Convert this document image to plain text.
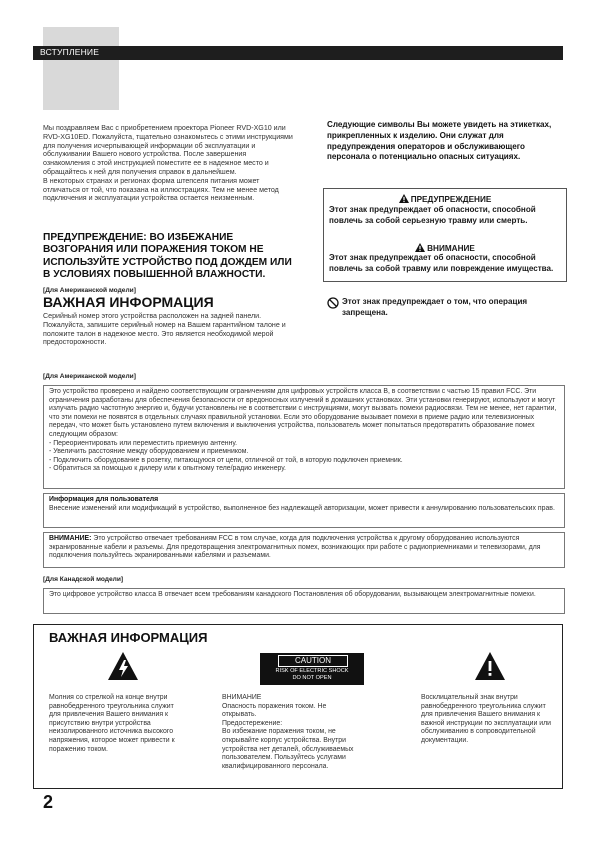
ВСТУПЛЕНИЕ

Мы поздравляем Вас с приобретением проектора Pioneer RVD-XG10 или RVD-XG10ED. Пожалуйста, тщательно ознакомьтесь с этими инструкциями для получения исчерпывающей информации об эксплуатации и обслуживании Вашего нового устройства. После завершения ознакомления с этой инструкцией поместите ее в надежное место и обращайтесь к ней для получения справок в дальнейшем.

В некоторых странах и регионах форма штепселя питания может отличаться от той, что показана на иллюстрациях. Тем не менее метод подключения и эксплуатации устройства остается неизменным.

ПРЕДУПРЕЖДЕНИЕ: ВО ИЗБЕЖАНИЕ ВОЗГОРАНИЯ ИЛИ ПОРАЖЕНИЯ ТОКОМ НЕ ИСПОЛЬЗУЙТЕ УСТРОЙСТВО ПОД ДОЖДЕМ ИЛИ В УСЛОВИЯХ ПОВЫШЕННОЙ ВЛАЖНОСТИ.
[Для Американской модели]
ВАЖНАЯ ИНФОРМАЦИЯ
Серийный номер этого устройства расположен на задней панели. Пожалуйста, запишите серийный номер на Вашем гарантийном талоне и положите талон в надежное место. Это является необходимой мерой предосторожности.
Следующие символы Вы можете увидеть на этикетках, прикрепленных к изделию. Они служат для предупреждения операторов и обслуживающего персонала о потенциально опасных ситуациях.
ПРЕДУПРЕЖДЕНИЕ
Этот знак предупреждает об опасности, способной повлечь за собой серьезную травму или смерть.
ВНИМАНИЕ
Этот знак предупреждает об опасности, способной повлечь за собой травму или повреждение имущества.
Этот знак предупреждает о том, что операция запрещена.
[Для Американской модели]
Это устройство проверено и найдено соответствующим ограничениям для цифровых устройств класса B, в соответствии с частью 15 правил FCC. Эти ограничения разработаны для обеспечения безопасности от вредоносных излучений в домашних установках. Эти установки генерируют, используют и могут излучать радио частотную энергию и, будучи установлены не в соответствии с инструкциями, могут вызвать помехи радиосвязи. Тем не менее, нет гарантии, что эти помехи не появятся в отдельных случаях правильной установки. Если это оборудование вызывает помехи в приеме радио или телевизионных передач, что может быть установлено путем включения и выключения устройства, пользователь может попытаться предотвратить образование помех следующим образом:
- Переориентировать или переместить приемную антенну.
- Увеличить расстояние между оборудованием и приемником.
- Подключить оборудование в розетку, питающуюся от цепи, отличной от той, в которую подключен приемник.
- Обратиться за помощью к дилеру или к опытному теле/радио инженеру.
Информация для пользователя
Внесение изменений или модификаций в устройство, выполненное без надлежащей авторизации, может привести к аннулированию пользовательских прав.
ВНИМАНИЕ: Это устройство отвечает требованиям FCC в том случае, когда для подключения устройства к другому оборудованию используются экранированные кабели и разъемы. Для предотвращения электромагнитных помех, возникающих при работе с радиоприемниками и телевизорами, для подключения пользуйтесь экранированными кабелями и разъемами.
[Для Канадской модели]
Это цифровое устройство класса B отвечает всем требованиям канадского Постановления об оборудовании, вызывающем электромагнитные помехи.
ВАЖНАЯ ИНФОРМАЦИЯ
CAUTION
RISK OF ELECTRIC SHOCK
DO NOT OPEN
Молния со стрелкой на конце внутри равнобедренного треугольника служит для привлечения Вашего внимания к присутствию внутри устройства неизолированного источника высокого напряжения, которое может привести к поражению током.
ВНИМАНИЕ
Опасность поражения током. Не открывать.
Предостережение:
Во избежание поражения током, не открывайте корпус устройства. Внутри устройства нет деталей, обслуживаемых пользователем. Пользуйтесь услугами квалифицированного персонала.
Восклицательный знак внутри равнобедренного треугольника служит для привлечения Вашего внимания к важной инструкции по эксплуатации или обслуживанию в сопроводительной документации.
2
